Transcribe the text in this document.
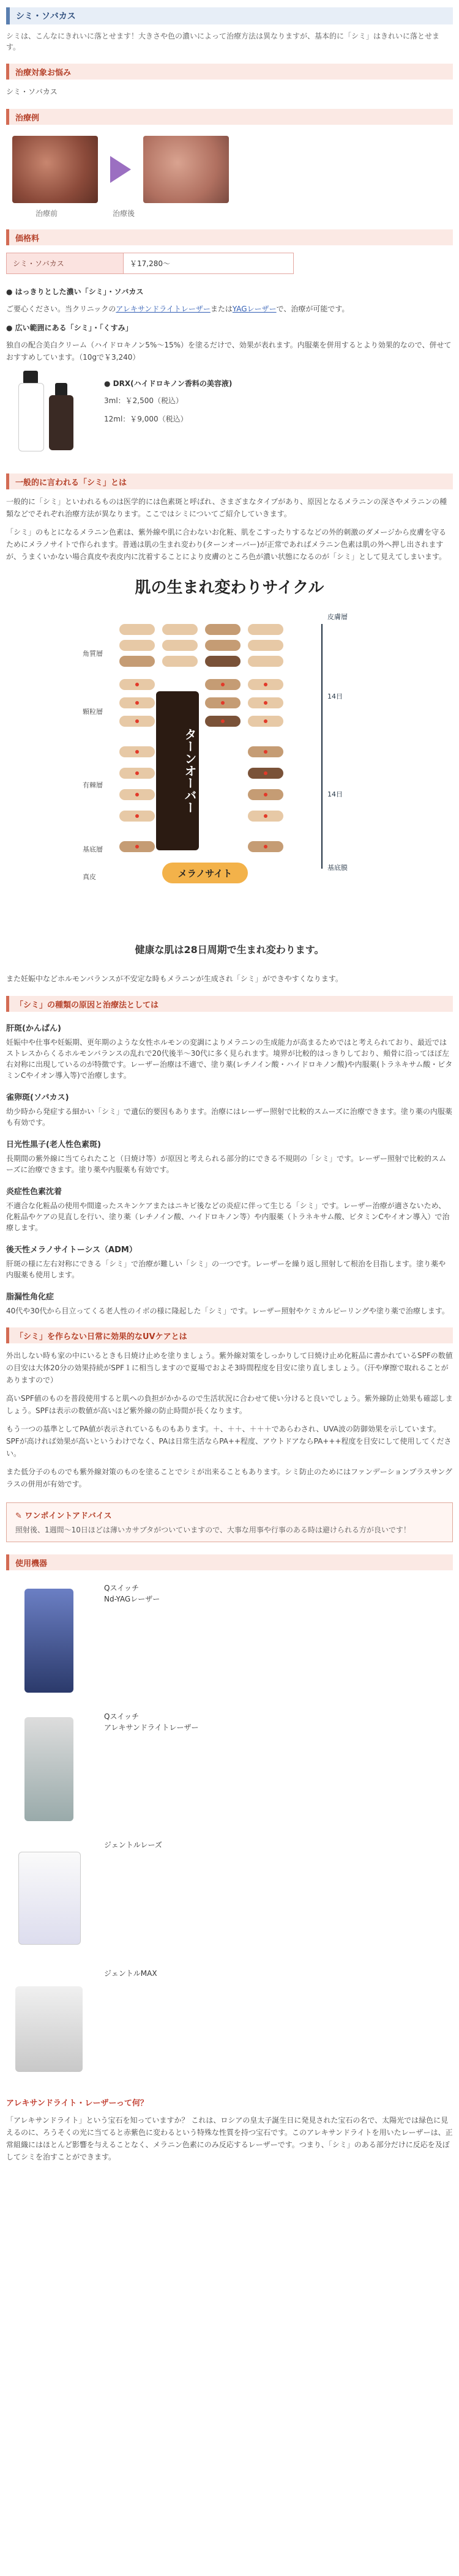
シミ・ソバカス
シミは、こんなにきれいに落とせます！大きさや色の濃いによって治療方法は異なりますが、基本的に「シミ」はきれいに落とせます。
治療対象お悩み
シミ・ソバカス
治療例
治療前	治療後
価格料
シミ・ソバカス	￥17,280～
● はっきりとした濃い「シミ」・ソバカス
ご要心ください。当クリニックのアレキサンドライトレーザーまたはYAGレーザーで、治療が可能です。
● 広い範囲にある「シミ」・「くすみ」
独自の配合美白クリーム（ハイドロキノン5%～15%）を塗るだけで、効果が表れます。内服薬を併用するとより効果的なので、併せておすすめしています。（10gで￥3,240）
● DRX(ハイドロキノン香料の美容液)
3ml：￥2,500（税込）
12ml：￥9,000（税込）
一般的に言われる「シミ」とは
一般的に「シミ」といわれるものは医学的には色素斑と呼ばれ、さまざまなタイプがあり、原因となるメラニンの深さやメラニンの種類などでそれぞれ治療方法が異なります。ここではシミについてご紹介していきます。
「シミ」のもとになるメラニン色素は、紫外線や肌に合わないお化粧、肌をこすったりするなどの外的刺激のダメージから皮膚を守るためにメラノサイトで作られます。普通は肌の生まれ変わり(ターンオーバー)が正常であればメラニン色素は肌の外へ押し出されますが、うまくいかない場合真皮や表皮内に沈着することにより皮膚のところ色が濃い状態になるのが「シミ」として見えてしまいます。
肌の生まれ変わりサイクル
角質層
顆粒層
有棘層
基底層
真皮
ターンオーバー
メラノサイト
皮膚層
14日
14日
基底膜
健康な肌は28日周期で生まれ変わります。
また妊娠中などホルモンバランスが不安定な時もメラニンが生成され「シミ」ができやすくなります。
「シミ」の種類の原因と治療法としては
肝斑(かんぱん)
妊娠中や仕事や妊娠期、更年期のような女性ホルモンの変調によりメラニンの生成能力が高まるためではと考えられており、最近ではストレスからくるホルモンバランスの乱れで20代後半～30代に多く見られます。境界が比較的はっきりしており、頬骨に沿ってほぼ左右対称に出現しているのが特徴です。レーザー治療は不適で、塗り薬(レチノイン酸・ハイドロキノン酸)や内服薬(トラネキサム酸・ビタミンCやイオン導入等)で治療します。
雀卵斑(ソバカス)
幼少時から発症する細かい「シミ」で遺伝的要因もあります。治療にはレーザー照射で比較的スムーズに治療できます。塗り薬の内服薬も有効です。
日光性黒子(老人性色素斑)
長期間の紫外線に当てられたこと（日焼け等）が原因と考えられる部分的にできる不規則の「シミ」です。レーザー照射で比較的スムーズに治療できます。塗り薬や内服薬も有効です。
炎症性色素沈着
不適合な化粧品の使用や間違ったスキンケアまたはニキビ後などの炎症に伴って生じる「シミ」です。レーザー治療が適さないため、化粧品やケアの見直しを行い、塗り薬（レチノイン酸、ハイドロキノン等）や内服薬（トラネキサム酸、ビタミンCやイオン導入）で治療します。
後天性メラノサイトーシス（ADM）
肝斑の様に左右対称にできる「シミ」で治療が難しい「シミ」の一つです。レーザーを繰り返し照射して根治を目指します。塗り薬や内服薬も使用します。
脂漏性角化症
40代や30代から目立ってくる老人性のイボの様に隆起した「シミ」です。レーザー照射やケミカルピーリングや塗り薬で治療します。
「シミ」を作らない日常に効果的なUVケアとは
外出しない時も家の中にいるときも日焼け止めを塗りましょう。紫外線対策をしっかりして日焼け止め化粧品に書かれているSPFの数値の目安は大体20分の効果持続がSPF１に相当しますので夏場でおよそ3時間程度を目安に塗り直しましょう。（汗や摩擦で取れることがありますので）
高いSPF値のものを普段使用すると肌への負担がかかるので生活状況に合わせて使い分けると良いでしょう。紫外線防止効果も確認しましょう。SPFは表示の数値が高いほど紫外線の防止時間が長くなります。
もう一つの基準としてPA値が表示されているものもあります。＋、＋＋、＋＋＋であらわされ、UVA波の防御効果を示しています。SPFが高ければ効果が高いというわけでなく、PAは日常生活ならPA++程度、アウトドアならPA+++程度を目安にして使用してください。
また低分子のものでも紫外線対策のものを塗ることでシミが出来ることもあります。シミ防止のためにはファンデーションプラスサングラスの併用が有効です。
✎ ワンポイントアドバイス
照射後、1週間～10日ほどは薄いカサブタがついていますので、大事な用事や行事のある時は避けられる方が良いです！
使用機器
Qスイッチ
Nd-YAGレーザー
Qスイッチ
アレキサンドライトレーザー
ジェントルレーズ
ジェントルMAX
アレキサンドライト・レーザーって何？
「アレキサンドライト」という宝石を知っていますか？ これは、ロシアの皇太子誕生日に発見された宝石の名で、太陽光では緑色に見えるのに、ろうそくの光に当てると赤紫色に変わるという特殊な性質を持つ宝石です。このアレキサンドライトを用いたレーザーは、正常組織にはほとんど影響を与えることなく、メラニン色素にのみ反応するレーザーです。つまり、「シミ」のある部分だけに反応を及ぼしてシミを治すことができます。
